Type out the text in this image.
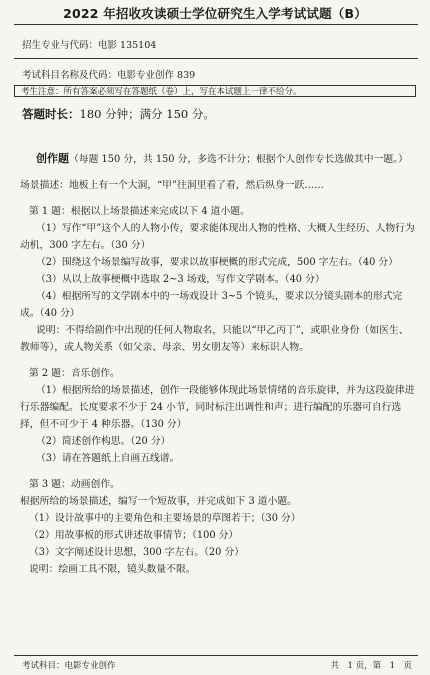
2022 年招收攻读硕士学位研究生入学考试试题（B）
招生专业与代码：电影 135104
考试科目名称及代码：电影专业创作 839
考生注意：所有答案必须写在答题纸（卷）上，写在本试题上一律不给分。
答题时长：180 分钟；满分 150 分。

创作题（每题 150 分，共 150 分，多选不计分；根据个人创作专长选做其中一题。）

场景描述：地板上有一个大洞，“甲”往洞里看了看，然后纵身一跃……

第 1 题：根据以上场景描述来完成以下 4 道小题。

（1）写作“甲”这个人的人物小传，要求能体现出人物的性格、大概人生经历、人物行为动机，300 字左右。（30 分）

（2）围绕这个场景编写故事，要求以故事梗概的形式完成，500 字左右。（40 分）

（3）从以上故事梗概中选取 2~3 场戏，写作文学剧本。（40 分）

（4）根据所写的文学剧本中的一场戏设计 3~5 个镜头，要求以分镜头剧本的形式完成。（40 分）

说明：不得给剧作中出现的任何人物取名，只能以“甲乙丙丁”，或职业身份（如医生、教师等），或人物关系（如父亲、母亲、男女朋友等）来标识人物。

第 2 题：音乐创作。

（1）根据所给的场景描述，创作一段能够体现此场景情绪的音乐旋律，并为这段旋律进行乐器编配。长度要求不少于 24 小节，同时标注出调性和声；进行编配的乐器可自行选择，但不可少于 4 种乐器。（130 分）

（2）简述创作构思。（20 分）

（3）请在答题纸上自画五线谱。

第 3 题：动画创作。

根据所给的场景描述，编写一个短故事，并完成如下 3 道小题。

（1）设计故事中的主要角色和主要场景的草图若干；（30 分）

（2）用故事板的形式讲述故事情节；（100 分）

（3）文字阐述设计思想，300 字左右。（20 分）

说明：绘画工具不限，镜头数量不限。

考试科目：电影专业创作	共　1 页，第　1　页
